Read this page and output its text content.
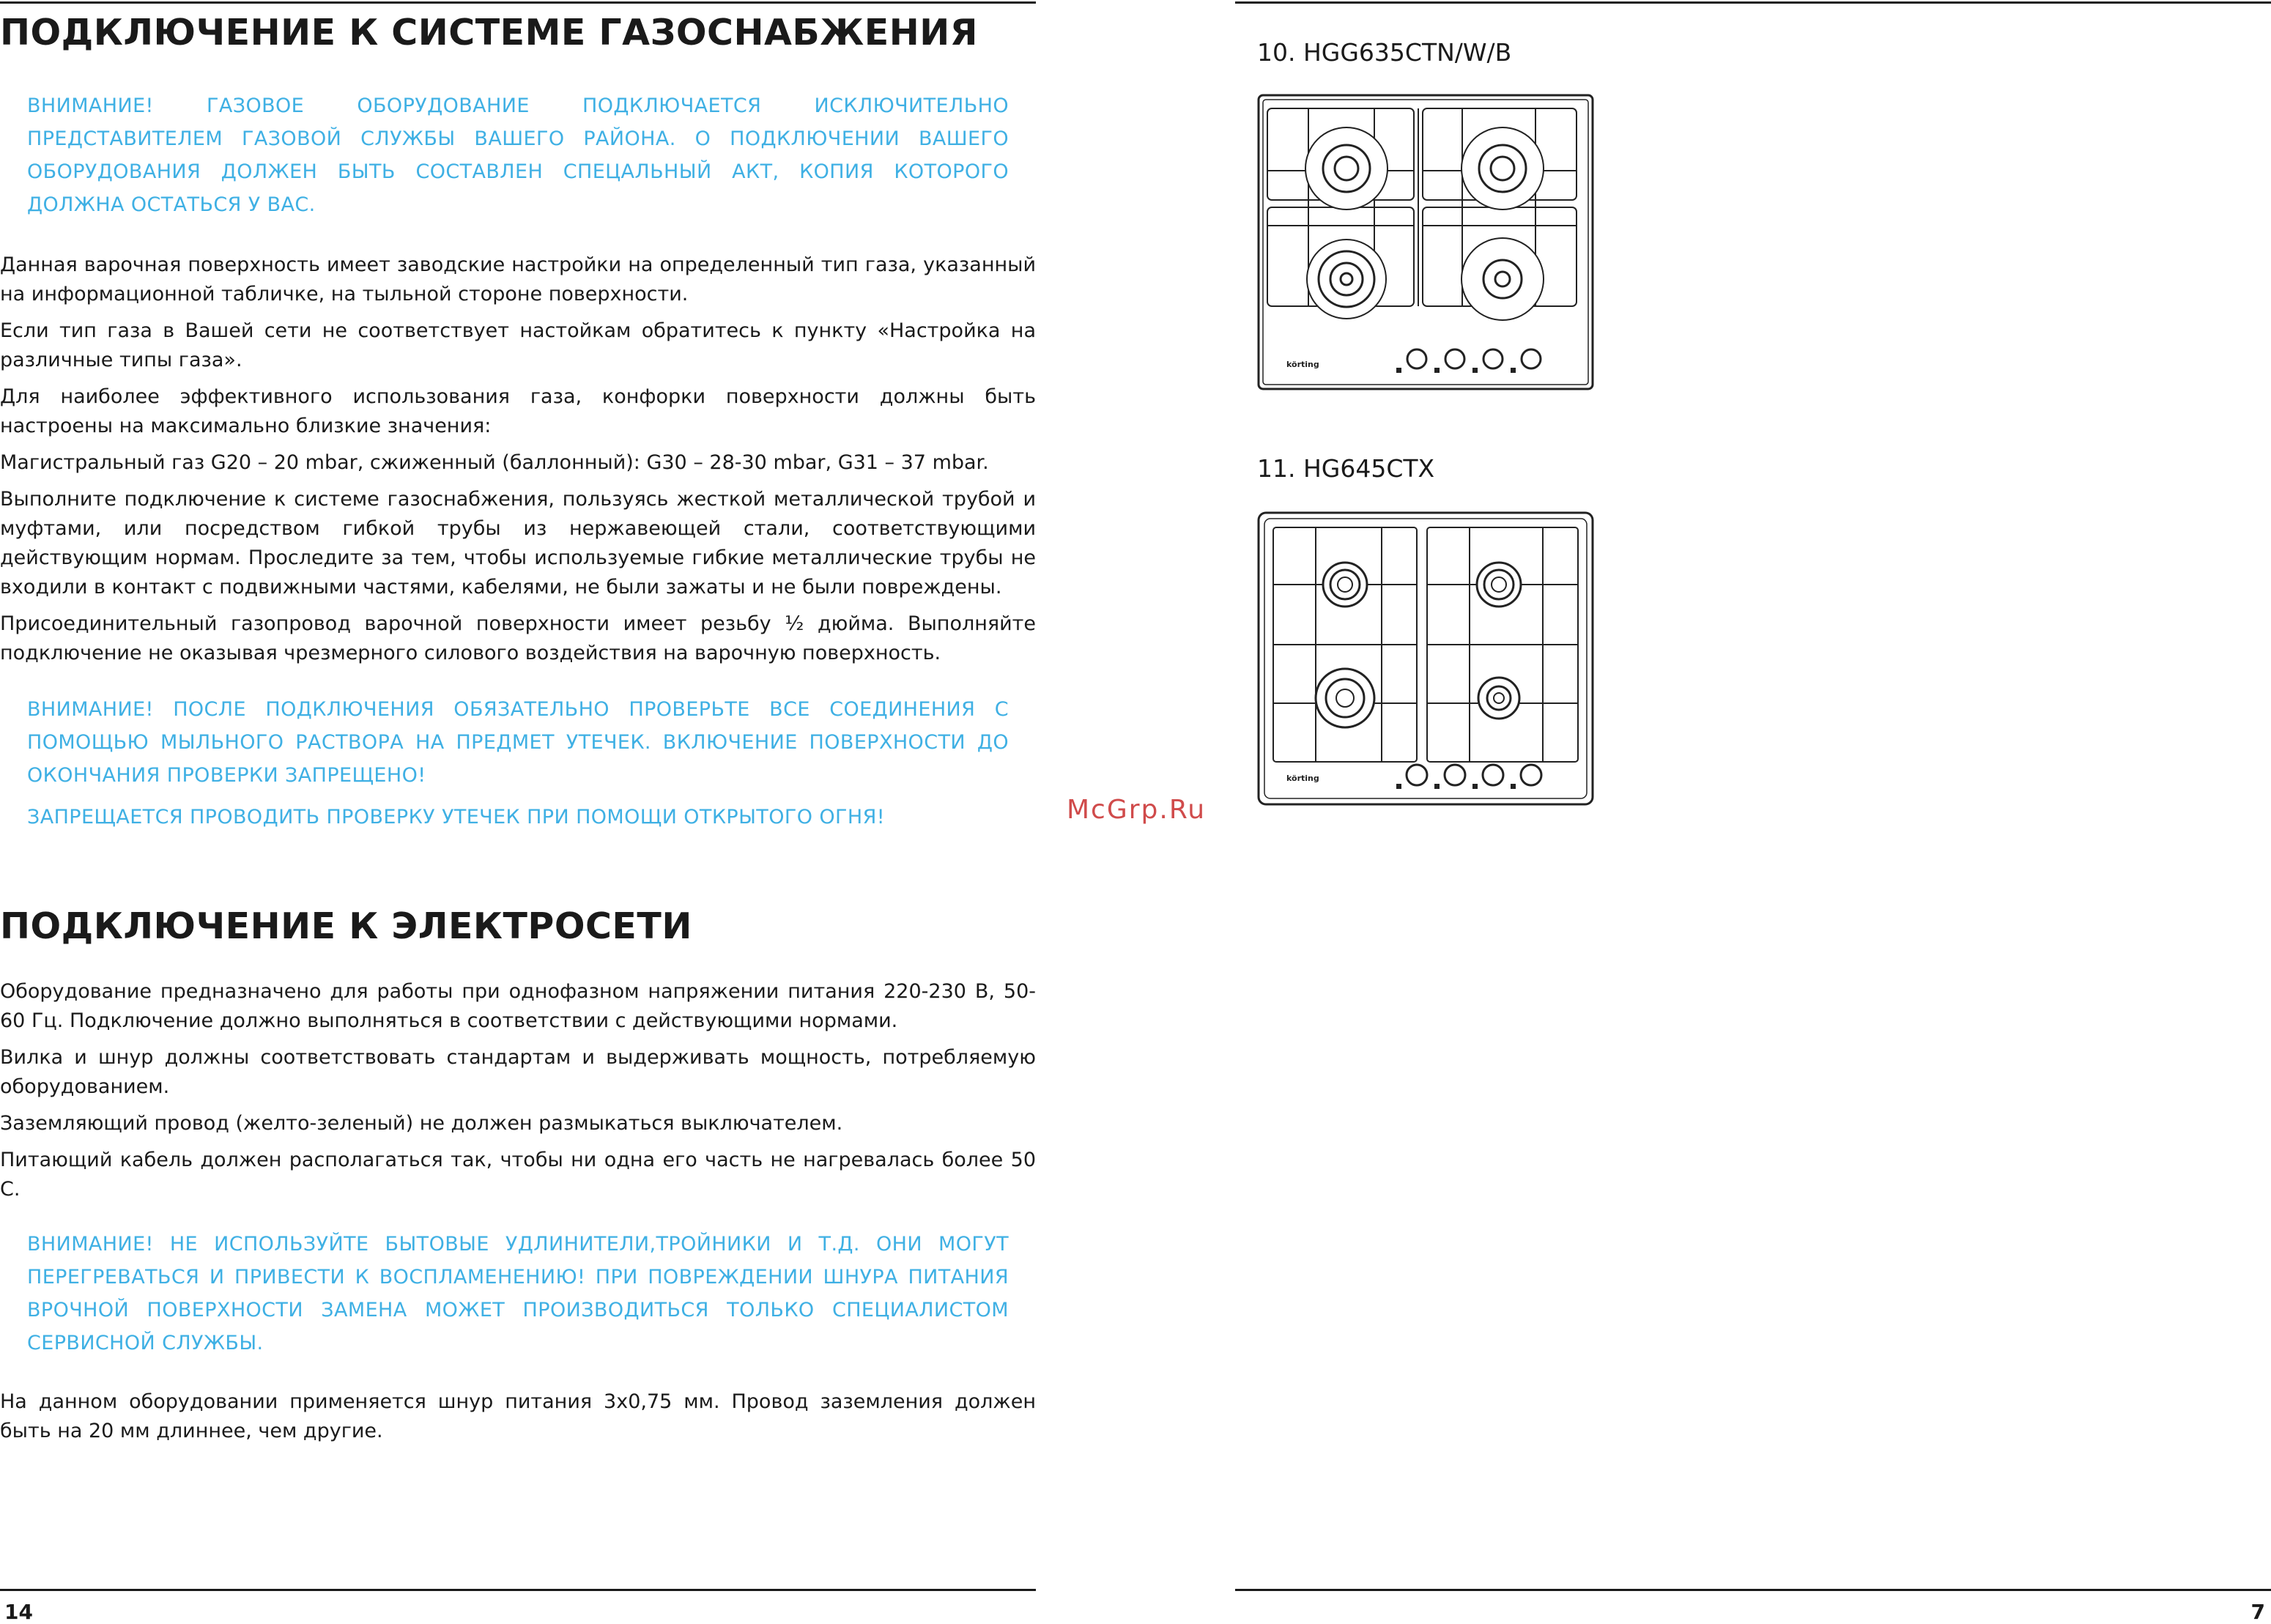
ПОДКЛЮЧЕНИЕ К СИСТЕМЕ ГАЗОСНАБЖЕНИЯ

ВНИМАНИЕ! ГАЗОВОЕ ОБОРУДОВАНИЕ ПОДКЛЮЧАЕТСЯ ИСКЛЮЧИТЕЛЬНО ПРЕДСТАВИТЕЛЕМ ГАЗОВОЙ СЛУЖБЫ ВАШЕГО РАЙОНА. О ПОДКЛЮЧЕНИИ ВАШЕГО ОБОРУДОВАНИЯ ДОЛЖЕН БЫТЬ СОСТАВЛЕН СПЕЦАЛЬНЫЙ АКТ, КОПИЯ КОТОРОГО ДОЛЖНА ОСТАТЬСЯ У ВАС.

Данная варочная поверхность имеет заводские настройки на определенный тип газа, указанный на информационной табличке, на тыльной стороне поверхности.

Если тип газа в Вашей сети не соответствует настойкам обратитесь к пункту «Настройка на различные типы газа».

Для наиболее эффективного использования газа, конфорки поверхности должны быть настроены на максимально близкие значения:

Магистральный газ G20 – 20 mbar, сжиженный (баллонный): G30 – 28-30 mbar, G31 – 37 mbar.

Выполните подключение к системе газоснабжения, пользуясь жесткой металлической трубой и муфтами, или посредством гибкой трубы из нержавеющей стали, соответствующими действующим нормам. Проследите за тем, чтобы используемые гибкие металлические трубы не входили в контакт с подвижными частями, кабелями, не были зажаты и не были повреждены.

Присоединительный газопровод варочной поверхности имеет резьбу ½ дюйма. Выполняйте подключение не оказывая чрезмерного силового воздействия на варочную поверхность.

ВНИМАНИЕ! ПОСЛЕ ПОДКЛЮЧЕНИЯ ОБЯЗАТЕЛЬНО ПРОВЕРЬТЕ ВСЕ СОЕДИНЕНИЯ С ПОМОЩЬЮ МЫЛЬНОГО РАСТВОРА НА ПРЕДМЕТ УТЕЧЕК. ВКЛЮЧЕНИЕ ПОВЕРХНОСТИ ДО ОКОНЧАНИЯ ПРОВЕРКИ ЗАПРЕЩЕНО!

ЗАПРЕЩАЕТСЯ ПРОВОДИТЬ ПРОВЕРКУ УТЕЧЕК ПРИ ПОМОЩИ ОТКРЫТОГО ОГНЯ!

ПОДКЛЮЧЕНИЕ К ЭЛЕКТРОСЕТИ

Оборудование предназначено для работы при однофазном напряжении питания 220-230 В, 50-60 Гц. Подключение должно выполняться в соответствии с действующими нормами.

Вилка и шнур должны соответствовать стандартам и выдерживать мощность, потребляемую оборудованием.

Заземляющий провод (желто-зеленый) не должен размыкаться выключателем.

Питающий кабель должен располагаться так, чтобы ни одна его часть не нагревалась более 50 С.

ВНИМАНИЕ! НЕ ИСПОЛЬЗУЙТЕ БЫТОВЫЕ УДЛИНИТЕЛИ,ТРОЙНИКИ И Т.Д. ОНИ МОГУТ ПЕРЕГРЕВАТЬСЯ И ПРИВЕСТИ К ВОСПЛАМЕНЕНИЮ! ПРИ ПОВРЕЖДЕНИИ ШНУРА ПИТАНИЯ ВРОЧНОЙ ПОВЕРХНОСТИ ЗАМЕНА МОЖЕТ ПРОИЗВОДИТЬСЯ ТОЛЬКО СПЕЦИАЛИСТОМ СЕРВИСНОЙ СЛУЖБЫ.

На данном оборудовании применяется шнур питания 3х0,75 мм. Провод заземления должен быть на 20 мм длиннее, чем другие.

14	7
McGrp.Ru
10. HGG635CTN/W/B
körting
11. HG645CTX
körting
